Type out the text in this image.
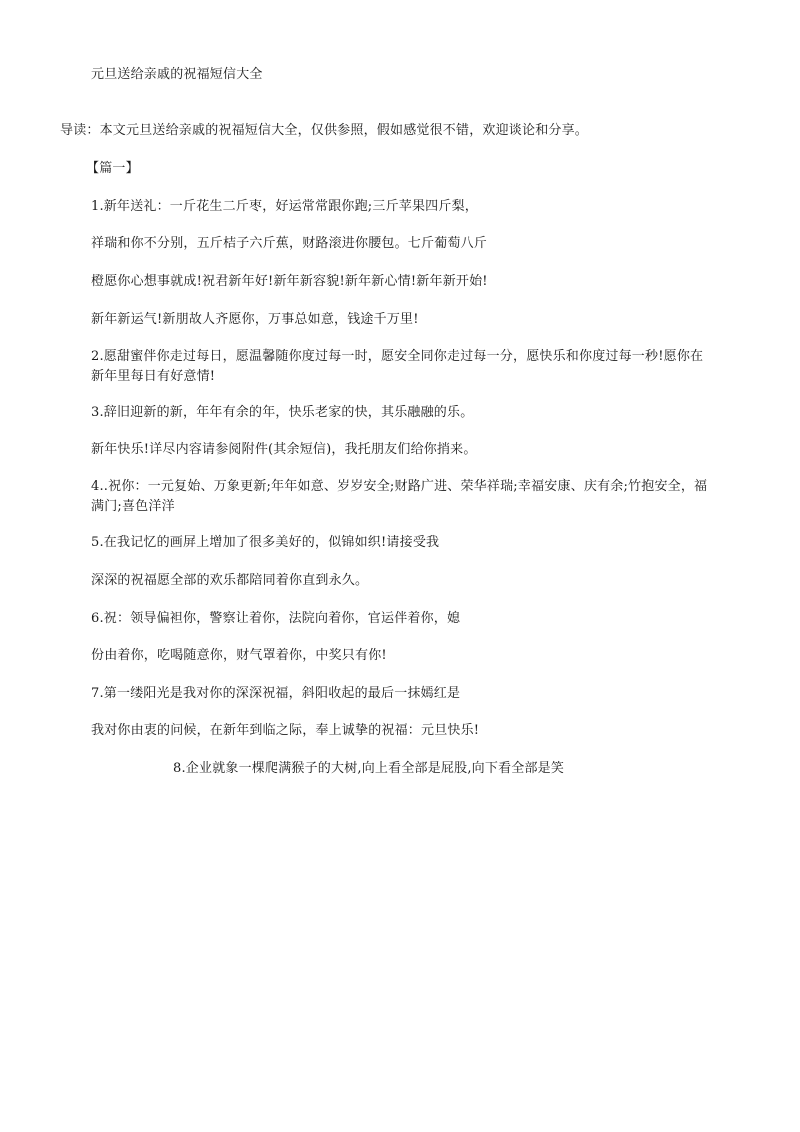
元旦送给亲戚的祝福短信大全
导读：本文元旦送给亲戚的祝福短信大全，仅供参照，假如感觉很不错，欢迎谈论和分享。
【篇一】
1.新年送礼：一斤花生二斤枣，好运常常跟你跑;三斤苹果四斤梨，
祥瑞和你不分别，五斤桔子六斤蕉，财路滚进你腰包。七斤葡萄八斤
橙愿你心想事就成!祝君新年好!新年新容貌!新年新心情!新年新开始!
新年新运气!新朋故人齐愿你，万事总如意，钱途千万里!
2.愿甜蜜伴你走过每日，愿温馨随你度过每一时，愿安全同你走过每一分，愿快乐和你度过每一秒!愿你在新年里每日有好意情!
3.辞旧迎新的新，年年有余的年，快乐老家的快，其乐融融的乐。
新年快乐!详尽内容请参阅附件(其余短信)，我托朋友们给你捎来。
4..祝你：一元复始、万象更新;年年如意、岁岁安全;财路广进、荣华祥瑞;幸福安康、庆有余;竹抱安全，福满门;喜色洋洋
5.在我记忆的画屏上增加了很多美好的，似锦如织!请接受我
深深的祝福愿全部的欢乐都陪同着你直到永久。
6.祝：领导偏袒你，警察让着你，法院向着你，官运伴着你，媳
份由着你，吃喝随意你，财气罩着你，中奖只有你!
7.第一缕阳光是我对你的深深祝福，斜阳收起的最后一抹嫣红是
我对你由衷的问候，在新年到临之际，奉上诚挚的祝福：元旦快乐!
8.企业就象一棵爬满猴子的大树,向上看全部是屁股,向下看全部是笑
